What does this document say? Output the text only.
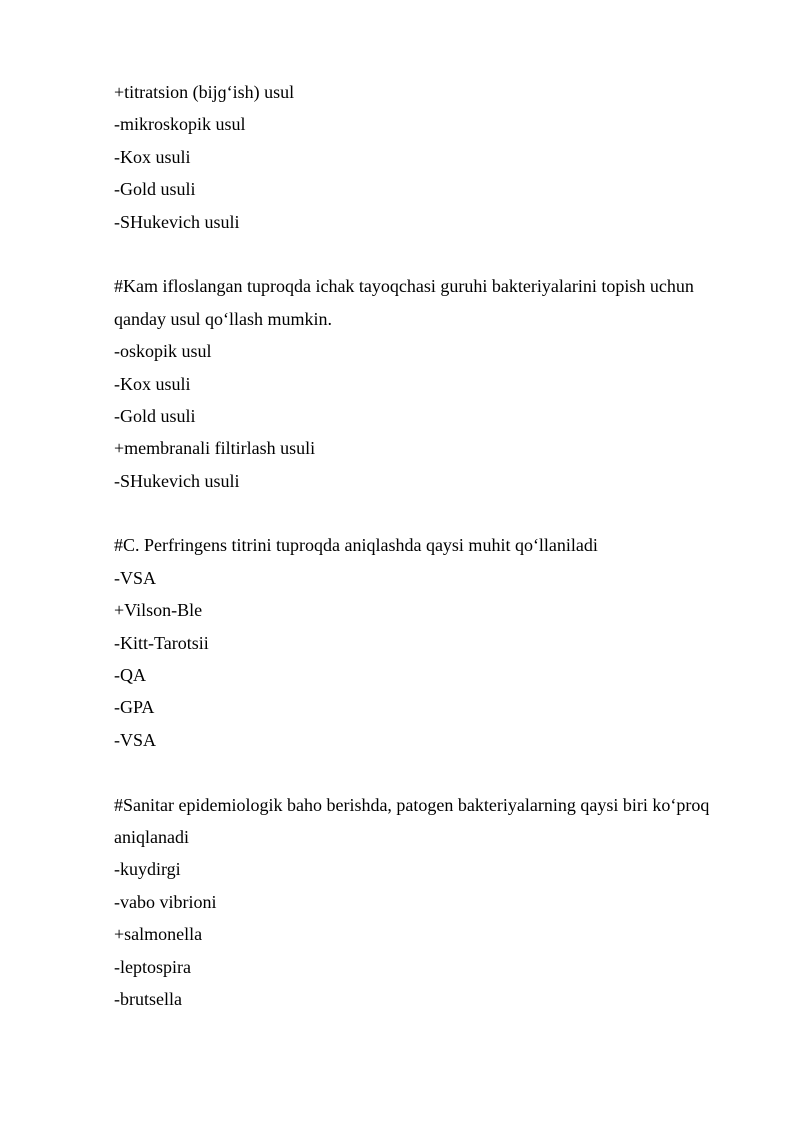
+titratsion (bijɡ‘ish) usul
-mikroskopik usul
-Kox usuli
-Gold usuli
-SHukevich usuli
#Kam ifloslangan tuproqda ichak tayoqchasi guruhi bakteriyalarini topish uchun
qanday usul qo‘llash mumkin.
-oskopik usul
-Kox usuli
-Gold usuli
+membranali filtirlash usuli
-SHukevich usuli
#C. Perfringens titrini tuproqda aniqlashda qaysi muhit qo‘llaniladi
-VSA
+Vilson-Ble
-Kitt-Tarotsii
-QA
-GPA
-VSA
#Sanitar epidemiologik baho berishda, patogen bakteriyalarning qaysi biri ko‘proq
aniqlanadi
-kuydirgi
-vabo vibrioni
+salmonella
-leptospira
-brutsella
